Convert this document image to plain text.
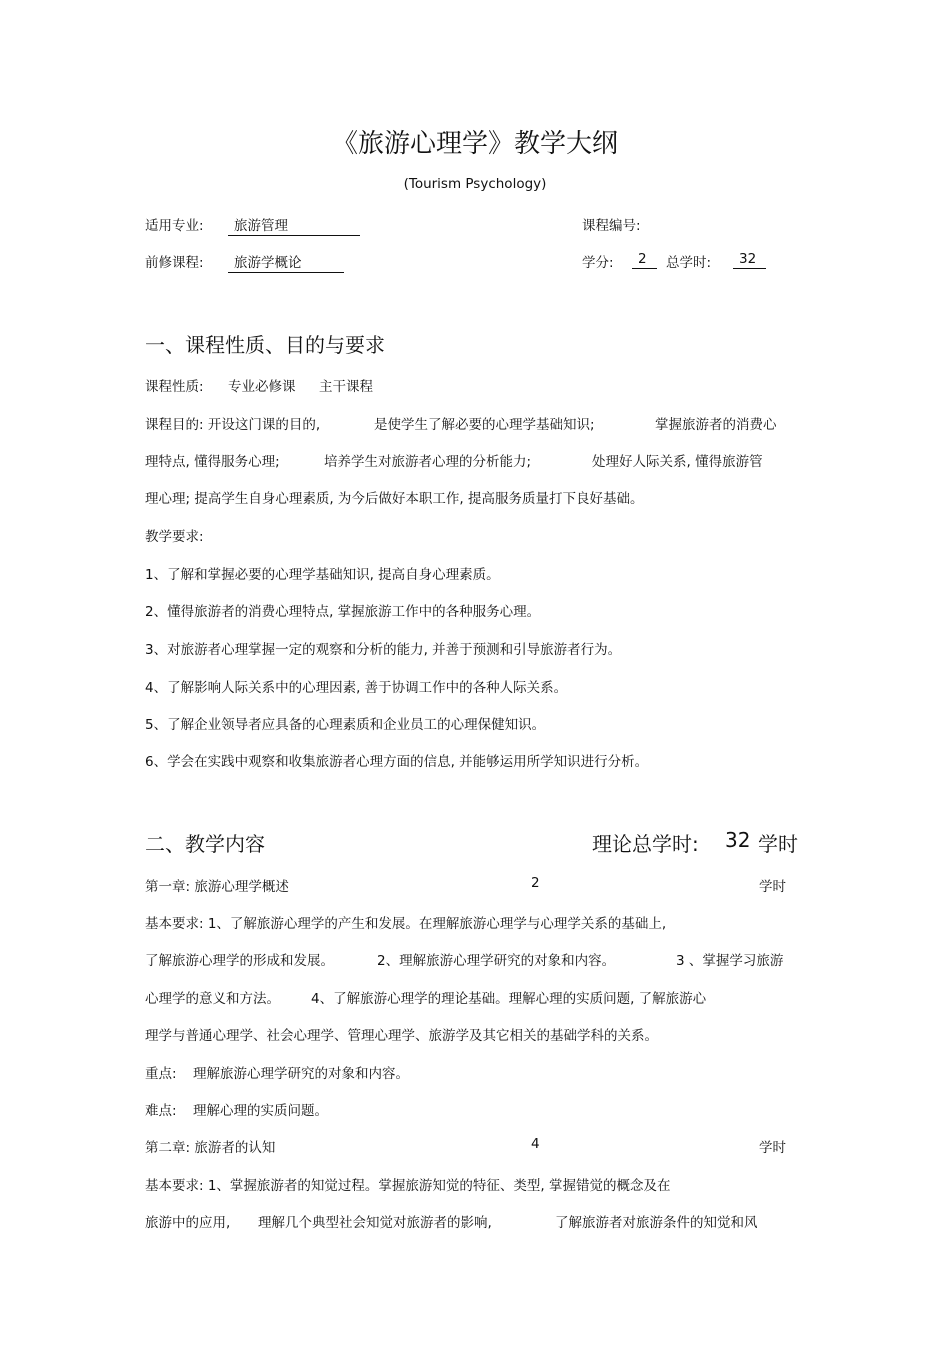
《旅游心理学》教学大纲
(Tourism Psychology)
适用专业:	旅游管理	课程编号:
前修课程:	旅游学概论	学分:	2	总学时:	32
一、课程性质、目的与要求
课程性质: 专业必修课 主干课程
课程目的: 开设这门课的目的,	是使学生了解必要的心理学基础知识;	掌握旅游者的消费心
理特点, 懂得服务心理;	培养学生对旅游者心理的分析能力;	处理好人际关系, 懂得旅游管
理心理; 提高学生自身心理素质, 为今后做好本职工作, 提高服务质量打下良好基础。
教学要求:
1、了解和掌握必要的心理学基础知识, 提高自身心理素质。
2、懂得旅游者的消费心理特点, 掌握旅游工作中的各种服务心理。
3、对旅游者心理掌握一定的观察和分析的能力, 并善于预测和引导旅游者行为。
4、了解影响人际关系中的心理因素, 善于协调工作中的各种人际关系。
5、了解企业领导者应具备的心理素质和企业员工的心理保健知识。
6、学会在实践中观察和收集旅游者心理方面的信息, 并能够运用所学知识进行分析。
二、教学内容	理论总学时: 32 学时
第一章: 旅游心理学概述	2	学时
基本要求: 1、了解旅游心理学的产生和发展。在理解旅游心理学与心理学关系的基础上,
了解旅游心理学的形成和发展。	2、理解旅游心理学研究的对象和内容。	3 、掌握学习旅游
心理学的意义和方法。 4、了解旅游心理学的理论基础。理解心理的实质问题, 了解旅游心
理学与普通心理学、社会心理学、管理心理学、旅游学及其它相关的基础学科的关系。
重点: 理解旅游心理学研究的对象和内容。
难点: 理解心理的实质问题。
第二章: 旅游者的认知	4	学时
基本要求: 1、掌握旅游者的知觉过程。掌握旅游知觉的特征、类型, 掌握错觉的概念及在
旅游中的应用, 理解几个典型社会知觉对旅游者的影响,	了解旅游者对旅游条件的知觉和风
